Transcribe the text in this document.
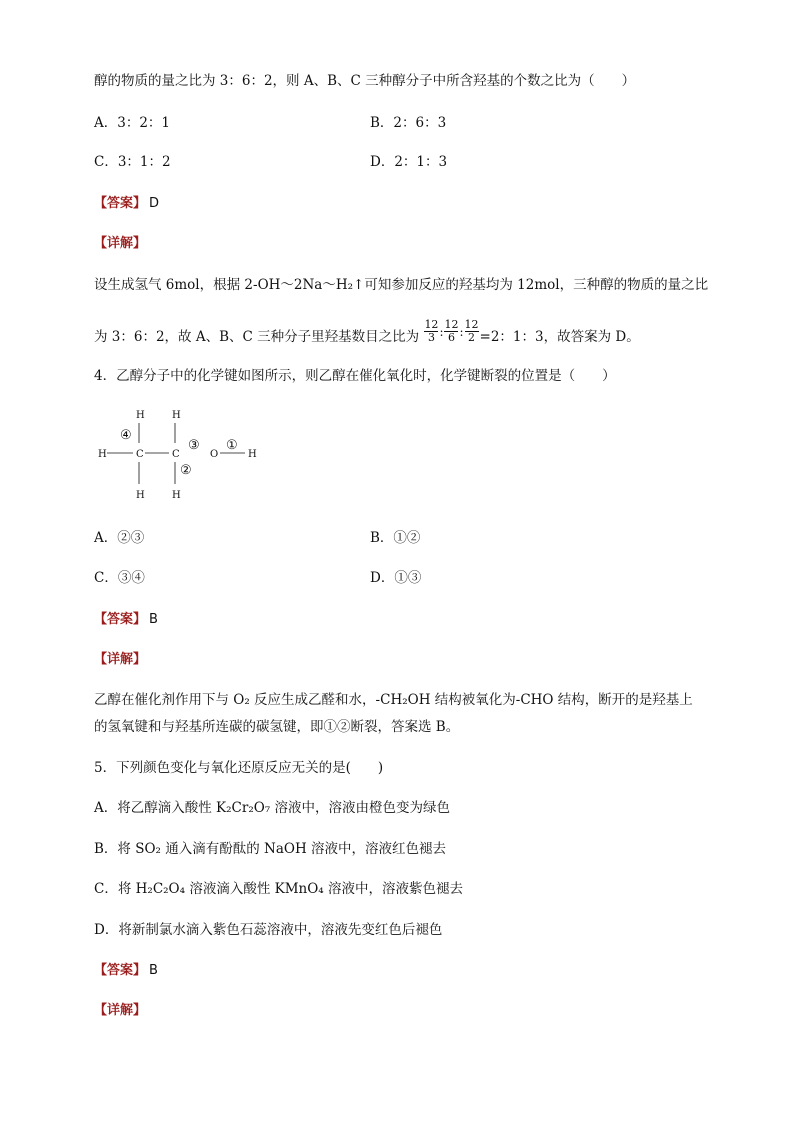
醇的物质的量之比为 3：6：2，则 A、B、C 三种醇分子中所含羟基的个数之比为（　　）
A．3：2：1	B．2：6：3
C．3：1：2	D．2：1：3
【答案】 D
【详解】
设生成氢气 6mol，根据 2-OH～2Na～H₂↑可知参加反应的羟基均为 12mol，三种醇的物质的量之比
为 3：6：2，故 A、B、C 三种分子里羟基数目之比为 $\frac{12}{3}$ : $\frac{12}{6}$ : $\frac{12}{2} =2$：1：3，故答案为 D。
4．乙醇分子中的化学键如图所示，则乙醇在催化氧化时，化学键断裂的位置是（　　）
H	H
H	H
H	C	C	O	H
④
②
③ ①
A．②③	B．①②
C．③④	D．①③
【答案】 B
【详解】
乙醇在催化剂作用下与 O₂ 反应生成乙醛和水，-CH₂OH 结构被氧化为-CHO 结构，断开的是羟基上
的氢氧键和与羟基所连碳的碳氢键，即①②断裂，答案选 B。
5．下列颜色变化与氧化还原反应无关的是(　　)
A．将乙醇滴入酸性 K₂Cr₂O₇ 溶液中，溶液由橙色变为绿色
B．将 SO₂ 通入滴有酚酞的 NaOH 溶液中，溶液红色褪去
C．将 H₂C₂O₄ 溶液滴入酸性 KMnO₄ 溶液中，溶液紫色褪去
D．将新制氯水滴入紫色石蕊溶液中，溶液先变红色后褪色
【答案】 B
【详解】
